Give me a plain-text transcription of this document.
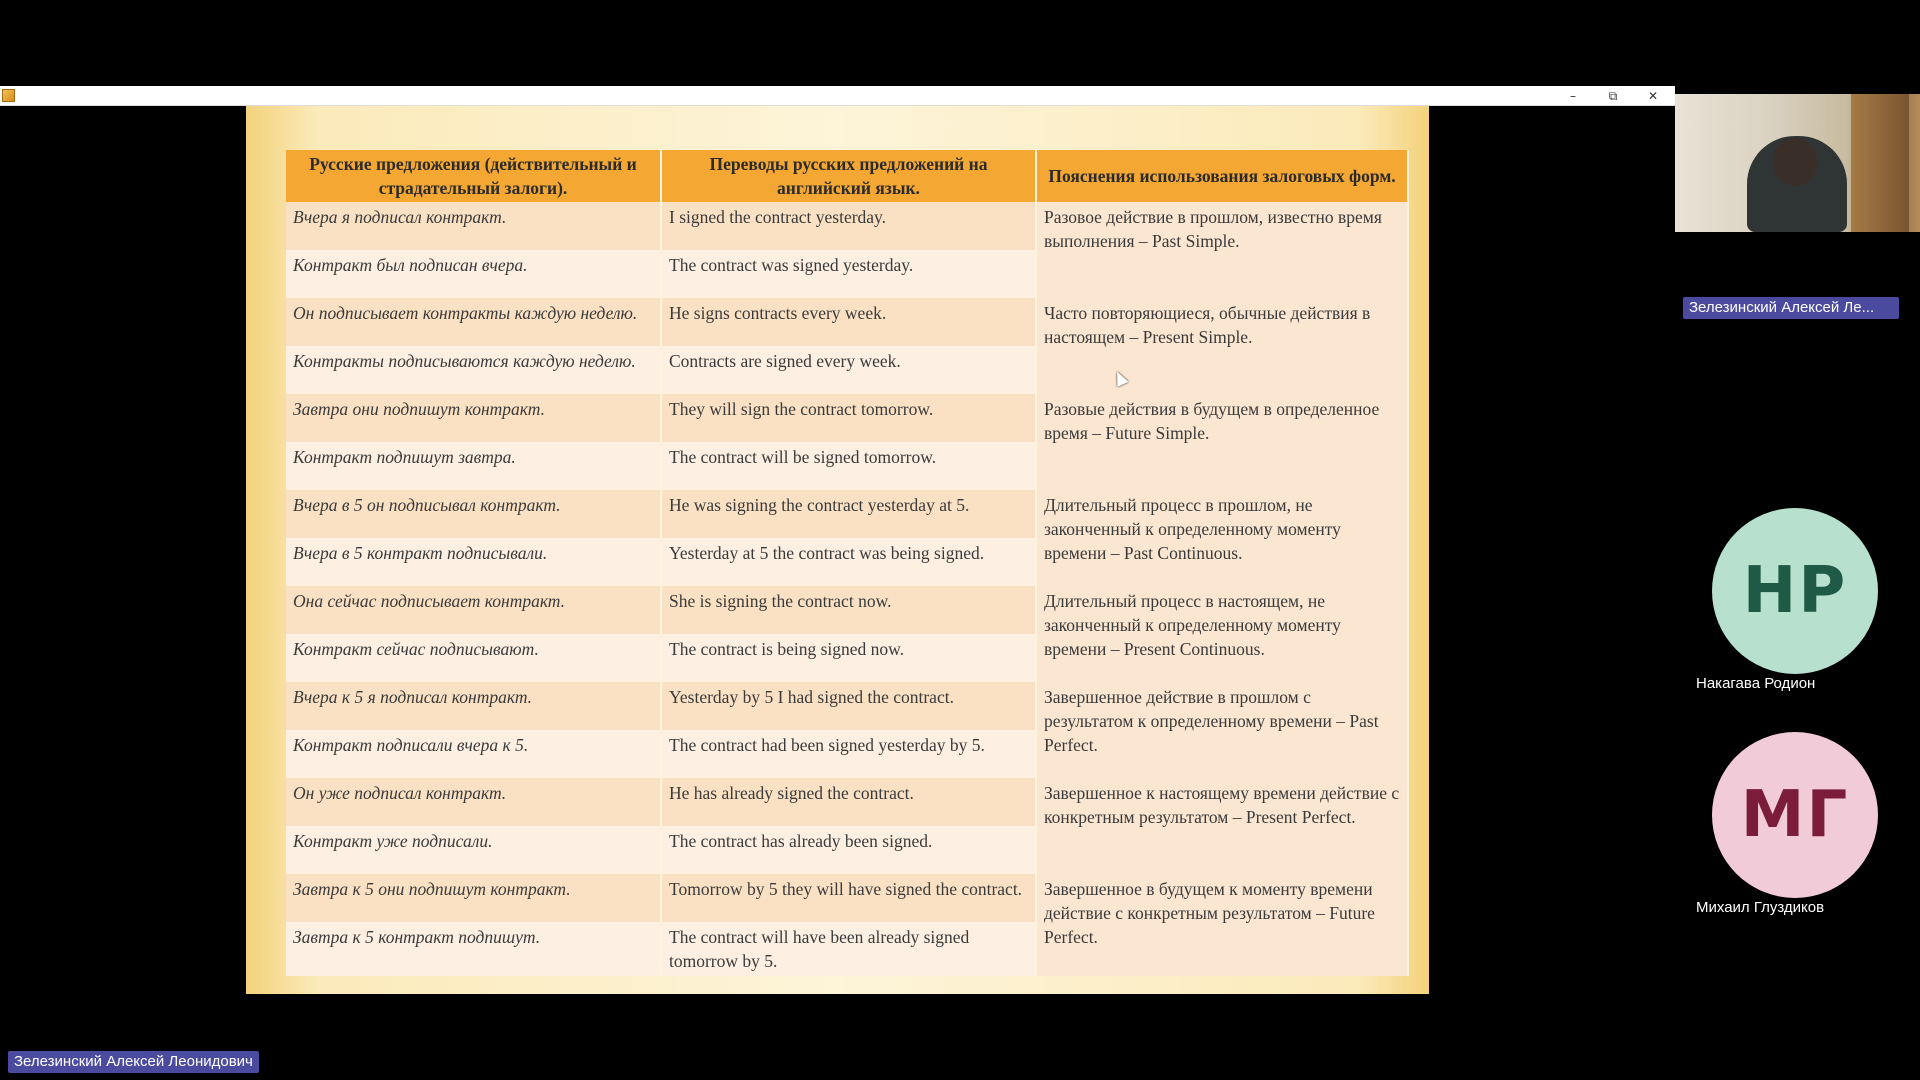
–	⧉	✕
Русские предложения (действительный и страдательный залоги).	Переводы русских предложений на английский язык.	Пояснения использования залоговых форм.
Вчера я подписал контракт.	I signed the contract yesterday.	Разовое действие в прошлом, известно время выполнения – Past Simple.
Контракт был подписан вчера.	The contract was signed yesterday.	
Он подписывает контракты каждую неделю.	He signs contracts every week.	Часто повторяющиеся, обычные действия в настоящем – Present Simple.
Контракты подписываются каждую неделю.	Contracts are signed every week.	
Завтра они подпишут контракт.	They will sign the contract tomorrow.	Разовые действия в будущем в определенное время – Future Simple.
Контракт подпишут завтра.	The contract will be signed tomorrow.	
Вчера в 5 он подписывал контракт.	He was signing the contract yesterday at 5.	Длительный процесс в прошлом, не законченный к определенному моменту времени – Past Continuous.
Вчера в 5 контракт подписывали.	Yesterday at 5 the contract was being signed.	
Она сейчас подписывает контракт.	She is signing the contract now.	Длительный процесс в настоящем, не законченный к определенному моменту времени – Present Continuous.
Контракт сейчас подписывают.	The contract is being signed now.	
Вчера к 5 я подписал контракт.	Yesterday by 5 I had signed the contract.	Завершенное действие в прошлом с результатом к определенному времени – Past Perfect.
Контракт подписали вчера к 5.	The contract had been signed yesterday by 5.	
Он уже подписал контракт.	He has already signed the contract.	Завершенное к настоящему времени действие с конкретным результатом – Present Perfect.
Контракт уже подписали.	The contract has already been signed.	
Завтра к 5 они подпишут контракт.	Tomorrow by 5 they will have signed the contract.	Завершенное в будущем к моменту времени действие с конкретным результатом – Future Perfect.
Завтра к 5 контракт подпишут.	The contract will have been already signed tomorrow by 5.	
Зелезинский Алексей Ле...
НР
Накагава Родион
МГ
Михаил Глуздиков
Зелезинский Алексей Леонидович
